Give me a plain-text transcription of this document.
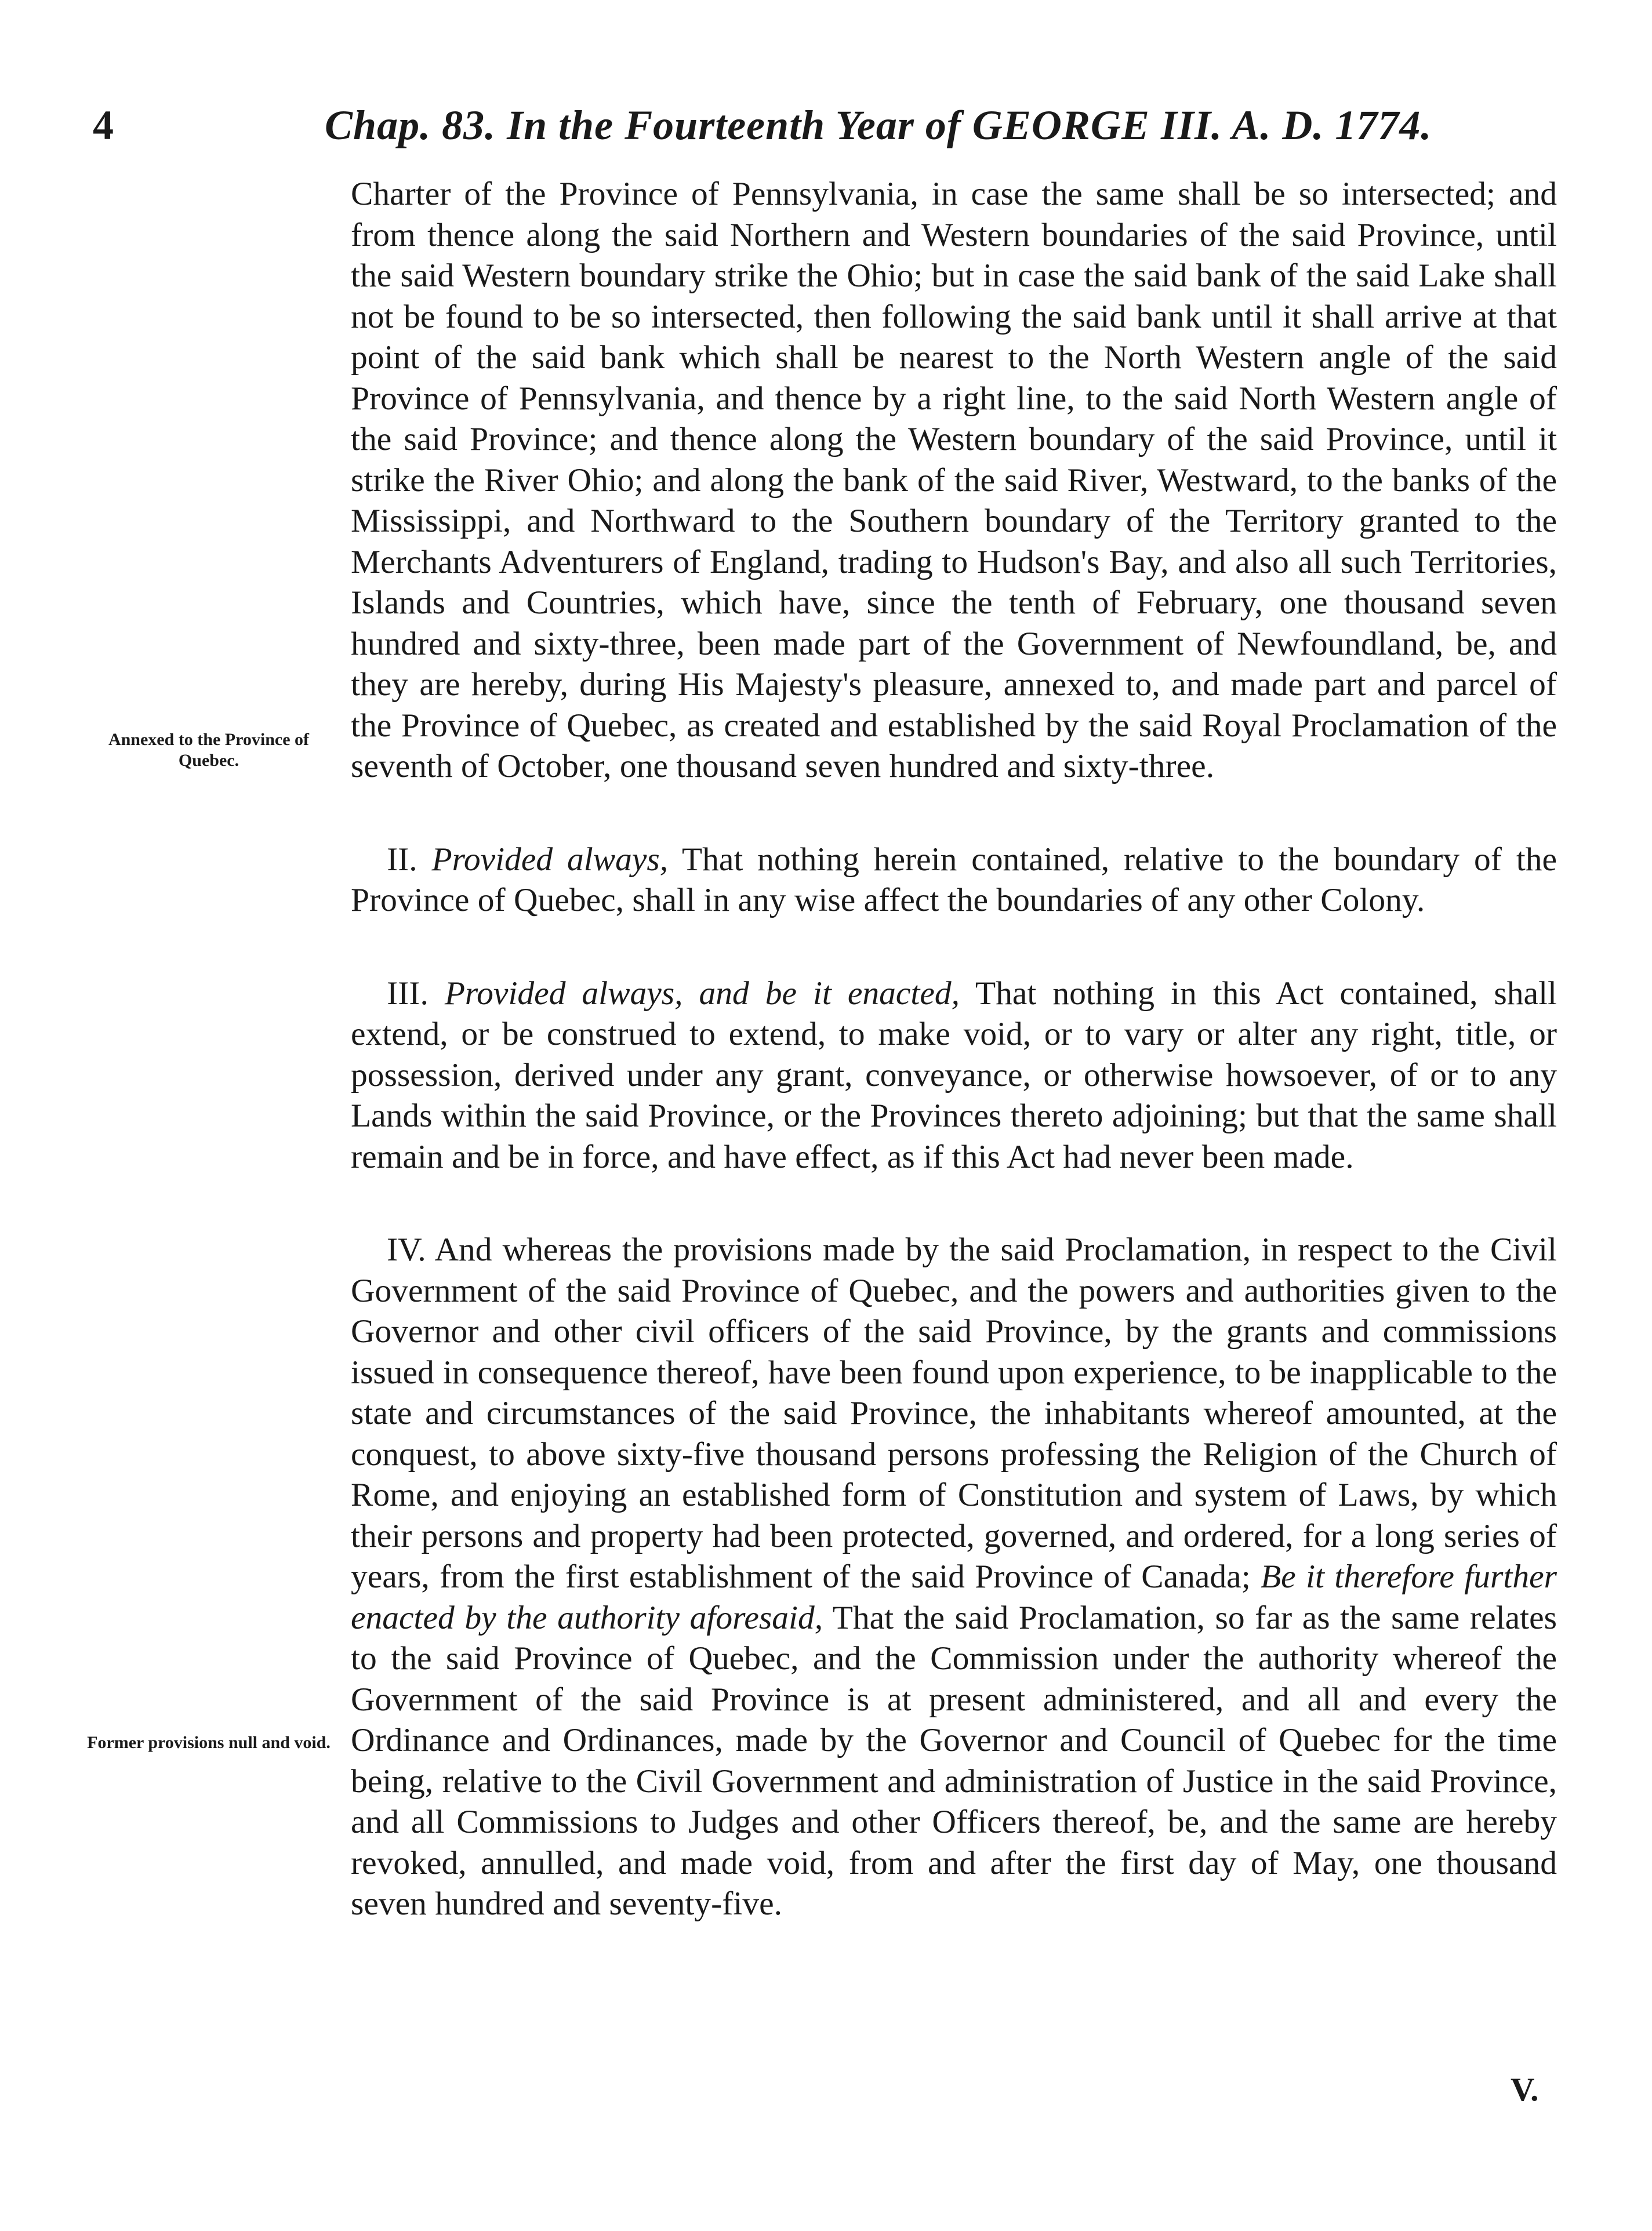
4	Chap. 83. In the Fourteenth Year of GEORGE III. A. D. 1774.
Annexed to the Province of Quebec.
Former provisions null and void.

Charter of the Province of Pennsylvania, in case the same shall be so intersected; and from thence along the said Northern and Western boundaries of the said Province, until the said Western boundary strike the Ohio; but in case the said bank of the said Lake shall not be found to be so intersected, then following the said bank until it shall arrive at that point of the said bank which shall be nearest to the North Western angle of the said Province of Pennsylvania, and thence by a right line, to the said North Western angle of the said Province; and thence along the Western boundary of the said Province, until it strike the River Ohio; and along the bank of the said River, Westward, to the banks of the Mississippi, and Northward to the Southern boundary of the Territory granted to the Merchants Adventurers of England, trading to Hudson's Bay, and also all such Territories, Islands and Countries, which have, since the tenth of February, one thousand seven hundred and sixty-three, been made part of the Government of Newfoundland, be, and they are hereby, during His Majesty's pleasure, annexed to, and made part and parcel of the Province of Quebec, as created and established by the said Royal Proclamation of the seventh of October, one thousand seven hundred and sixty-three.

II. Provided always, That nothing herein contained, relative to the boundary of the Province of Quebec, shall in any wise affect the boundaries of any other Colony.

III. Provided always, and be it enacted, That nothing in this Act contained, shall extend, or be construed to extend, to make void, or to vary or alter any right, title, or possession, derived under any grant, conveyance, or otherwise howsoever, of or to any Lands within the said Province, or the Provinces thereto adjoining; but that the same shall remain and be in force, and have effect, as if this Act had never been made.

IV. And whereas the provisions made by the said Proclamation, in respect to the Civil Government of the said Province of Quebec, and the powers and authorities given to the Governor and other civil officers of the said Province, by the grants and commissions issued in consequence thereof, have been found upon experience, to be inapplicable to the state and circumstances of the said Province, the inhabitants whereof amounted, at the conquest, to above sixty-five thousand persons professing the Religion of the Church of Rome, and enjoying an established form of Constitution and system of Laws, by which their persons and property had been protected, governed, and ordered, for a long series of years, from the first establishment of the said Province of Canada; Be it therefore further enacted by the authority aforesaid, That the said Proclamation, so far as the same relates to the said Province of Quebec, and the Commission under the authority whereof the Government of the said Province is at present administered, and all and every the Ordinance and Ordinances, made by the Governor and Council of Quebec for the time being, relative to the Civil Government and administration of Justice in the said Province, and all Commissions to Judges and other Officers thereof, be, and the same are hereby revoked, annulled, and made void, from and after the first day of May, one thousand seven hundred and seventy-five.

V.
